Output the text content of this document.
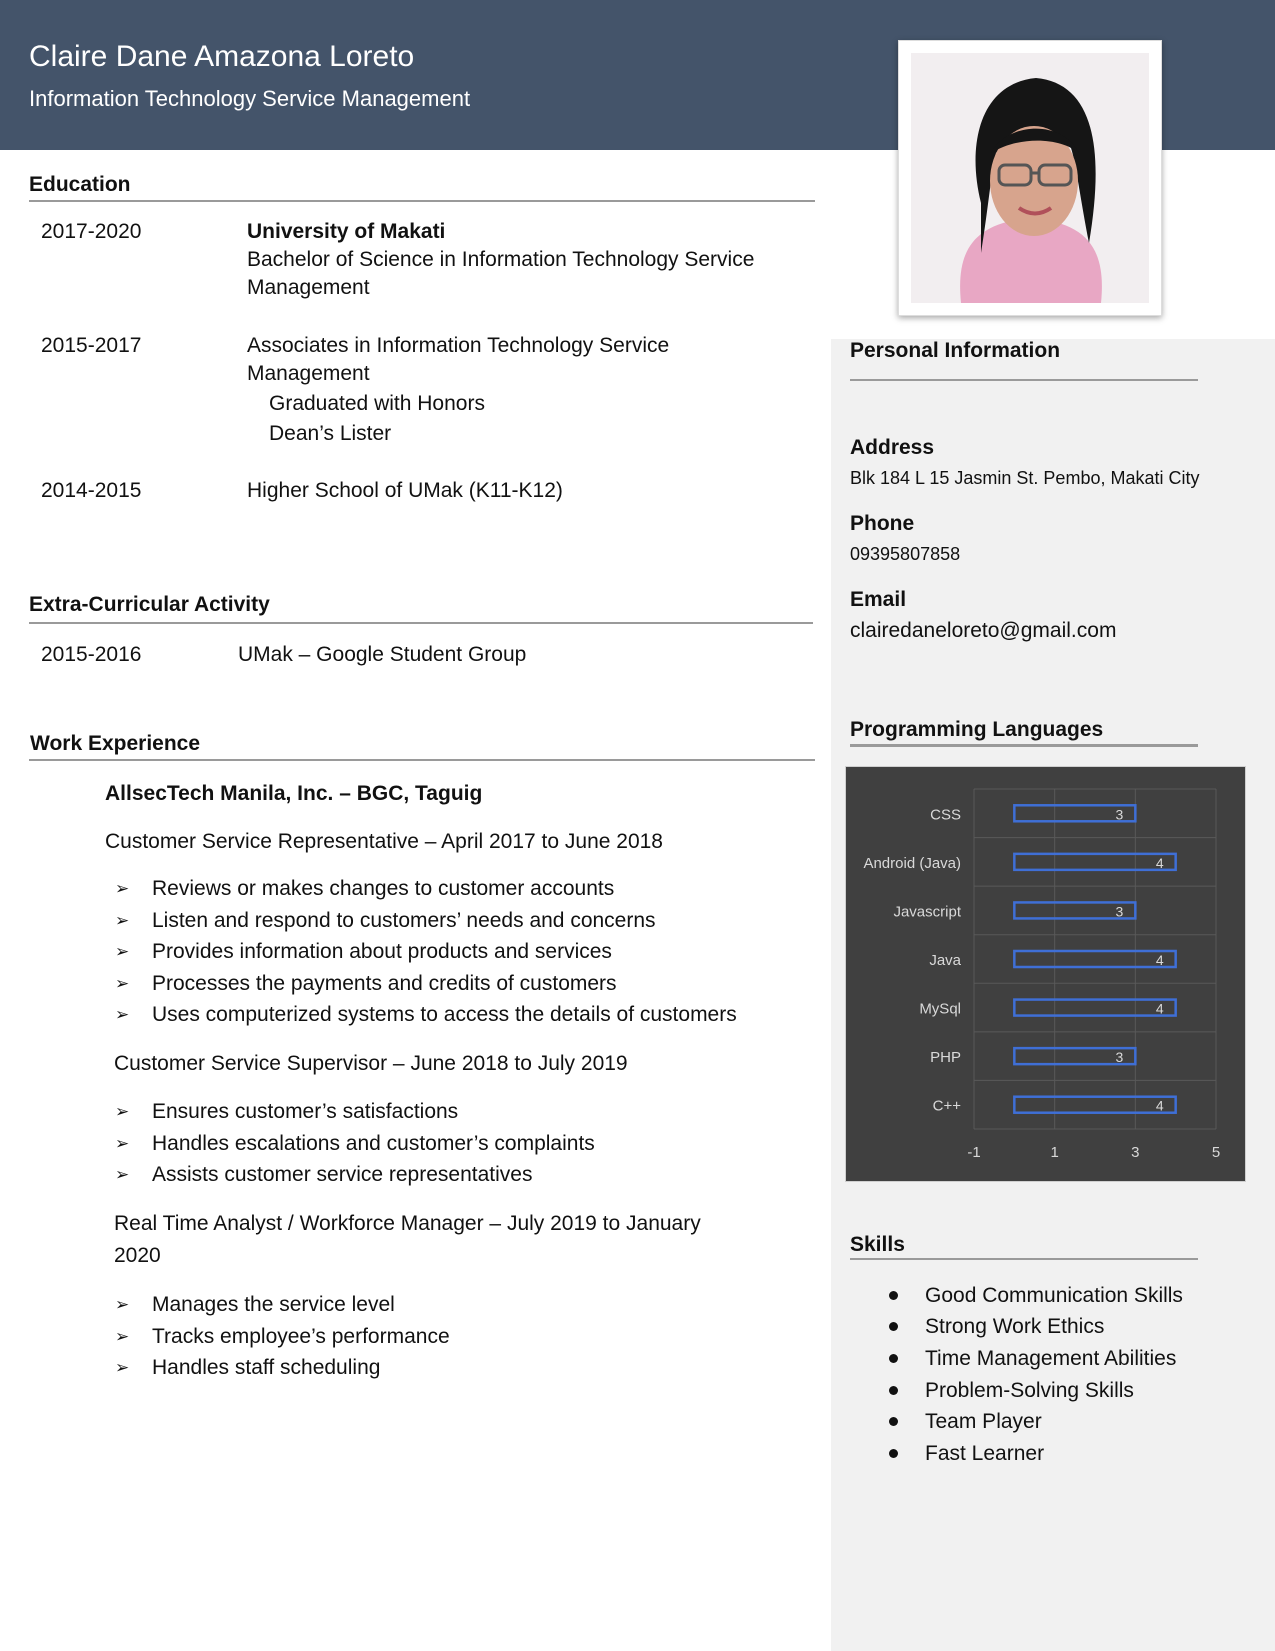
Claire Dane Amazona Loreto
Information Technology Service Management
Education
2017-2020	University of Makati
Bachelor of Science in Information Technology Service
Management
2015-2017	Associates in Information Technology Service
Management
Graduated with Honors
Dean’s Lister
2014-2015	Higher School of UMak (K11-K12)
Extra-Curricular Activity
2015-2016	UMak – Google Student Group
Work Experience
AllsecTech Manila, Inc. – BGC, Taguig
Customer Service Representative – April 2017 to June 2018
➢ Reviews or makes changes to customer accounts
➢ Listen and respond to customers’ needs and concerns
➢ Provides information about products and services
➢ Processes the payments and credits of customers
➢ Uses computerized systems to access the details of customers
Customer Service Supervisor – June 2018 to July 2019
➢ Ensures customer’s satisfactions
➢ Handles escalations and customer’s complaints
➢ Assists customer service representatives
Real Time Analyst / Workforce Manager – July 2019 to January
2020
➢ Manages the service level
➢ Tracks employee’s performance
➢ Handles staff scheduling
Personal Information
Address
Blk 184 L 15 Jasmin St. Pembo, Makati City
Phone
09395807858
Email
clairedaneloreto@gmail.com
Programming Languages
CSS	3
Android (Java)	4
Javascript	3
Java	4
MySql	4
PHP	3
C++	4
-1	1	3	5
Skills
Good Communication Skills
Strong Work Ethics
Time Management Abilities
Problem-Solving Skills
Team Player
Fast Learner
